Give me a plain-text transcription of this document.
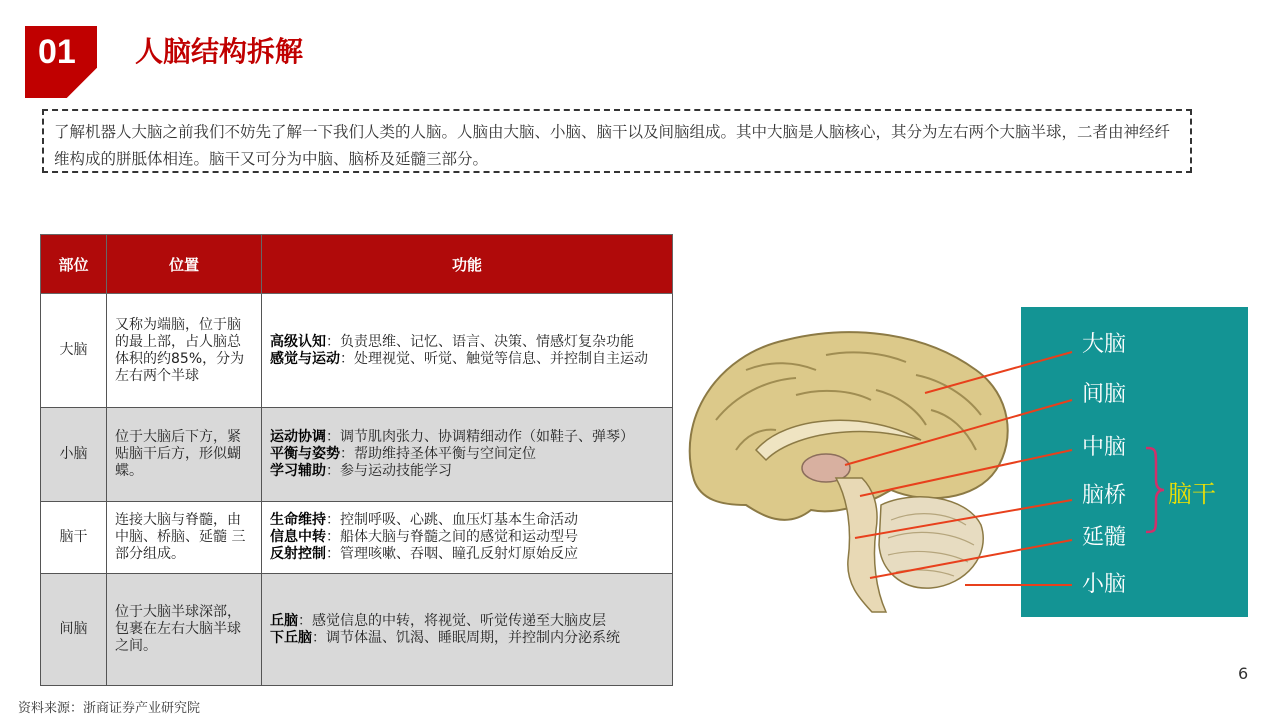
01 人脑结构拆解
了解机器人大脑之前我们不妨先了解一下我们人类的人脑。人脑由大脑、小脑、脑干以及间脑组成。其中大脑是人脑核心，其分为左右两个大脑半球，二者由神经纤维构成的胼胝体相连。脑干又可分为中脑、脑桥及延髓三部分。
部位	位置	功能
大脑	又称为端脑，位于脑的最上部，占人脑总体积的约85%，分为左右两个半球	高级认知：负责思维、记忆、语言、决策、情感灯复杂功能
感觉与运动：处理视觉、听觉、触觉等信息、并控制自主运动

小脑	位于大脑后下方，紧贴脑干后方，形似蝴蝶。	运动协调：调节肌肉张力、协调精细动作（如鞋子、弹琴）
平衡与姿势：帮助维持圣体平衡与空间定位
学习辅助：参与运动技能学习

脑干	连接大脑与脊髓，由 中脑、桥脑、延髓 三部分组成。	生命维持：控制呼吸、心跳、血压灯基本生命活动
信息中转：船体大脑与脊髓之间的感觉和运动型号
反射控制：管理咳嗽、吞咽、瞳孔反射灯原始反应

间脑	位于大脑半球深部，包裹在左右大脑半球之间。	丘脑：感觉信息的中转，将视觉、听觉传递至大脑皮层
下丘脑：调节体温、饥渴、睡眠周期，并控制内分泌系统
大脑
间脑
中脑
脑桥
延髓
小脑
脑干
资料来源：浙商证券产业研究院
6
